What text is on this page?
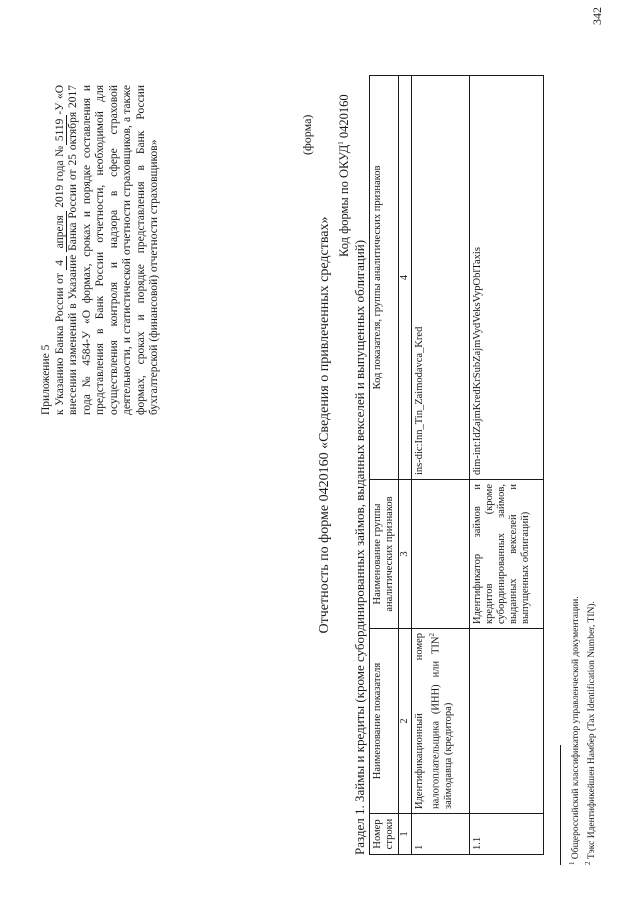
Приложение 5 к Указанию Банка России от 4 апреля 2019 года №5119-У «О внесении изменений в Указание Банка России от 25 октября 2017 года № 4584-У «О формах, сроках и порядке составления и представления в Банк России отчетности, необходимой для осуществления контроля и надзора в сфере страховой деятельности, и статистической отчетности страховщиков, а также формах, сроках и порядке представления в Банк России бухгалтерской (финансовой) отчетности страховщиков»
(форма)
Отчетность по форме 0420160 «Сведения о привлеченных средствах»
Код формы по ОКУД$^1$ 0420160
Раздел 1. Займы и кредиты (кроме субординированных займов, выданных векселей и выпущенных облигаций) Номер строки	Наименование показателя	Наименование группы аналитических признаков	Код показателя, группы аналитических признаков
1	2	3	4
1	Идентификационный номер налогоплательщика (ИНН) или TIN$^2$ займодавца (кредитора)		ins-dic:Inn_Tin_Zaimodavca_Kred
1.1		Идентификатор займов и кредитов (кроме субординированных займов, выданных векселей и выпущенных облигаций)	dim-int:IdZajmKredKrSubZajmVydVeksVypOblTaxis
$^1$ Общероссийский классификатор управленческой документации.
$^2$ Тэкс Идентификейшен Намбер (Tax Identification Number, TIN).
342
